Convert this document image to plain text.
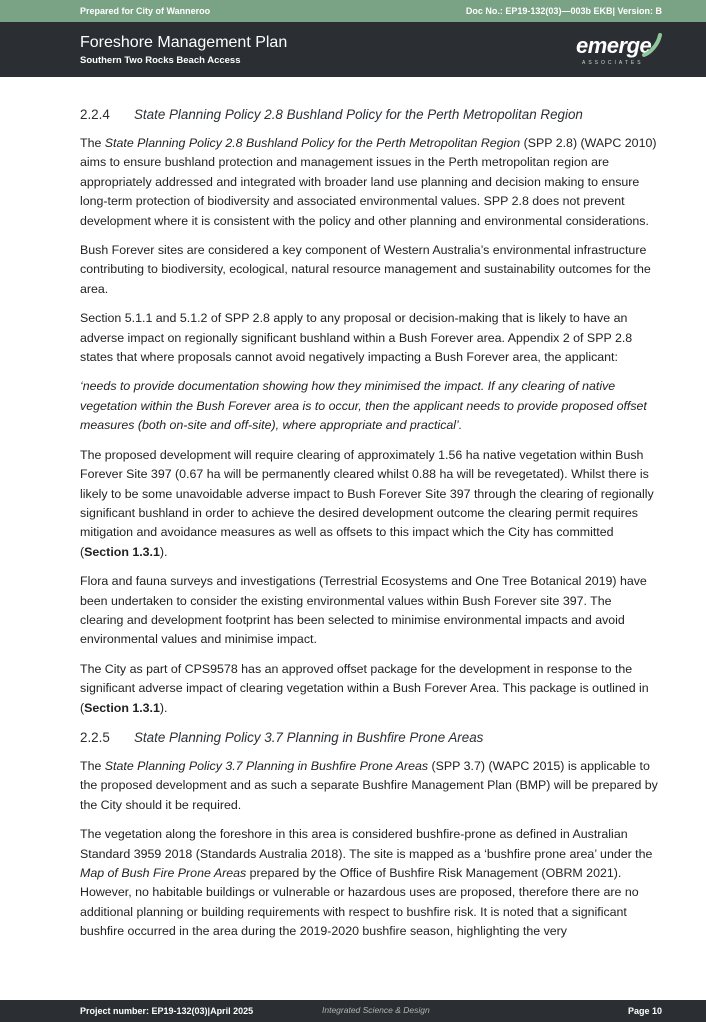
Prepared for City of Wanneroo	Doc No.: EP19-132(03)—003b EKB| Version: B
Foreshore Management Plan
Southern Two Rocks Beach Access
emerge
ASSOCIATES
2.2.4 State Planning Policy 2.8 Bushland Policy for the Perth Metropolitan Region

The State Planning Policy 2.8 Bushland Policy for the Perth Metropolitan Region (SPP 2.8) (WAPC 2010) aims to ensure bushland protection and management issues in the Perth metropolitan region are appropriately addressed and integrated with broader land use planning and decision making to ensure long-term protection of biodiversity and associated environmental values. SPP 2.8 does not prevent development where it is consistent with the policy and other planning and environmental considerations.

Bush Forever sites are considered a key component of Western Australia’s environmental infrastructure contributing to biodiversity, ecological, natural resource management and sustainability outcomes for the area.

Section 5.1.1 and 5.1.2 of SPP 2.8 apply to any proposal or decision-making that is likely to have an adverse impact on regionally significant bushland within a Bush Forever area. Appendix 2 of SPP 2.8 states that where proposals cannot avoid negatively impacting a Bush Forever area, the applicant:

‘needs to provide documentation showing how they minimised the impact. If any clearing of native vegetation within the Bush Forever area is to occur, then the applicant needs to provide proposed offset measures (both on-site and off-site), where appropriate and practical’.

The proposed development will require clearing of approximately 1.56 ha native vegetation within Bush Forever Site 397 (0.67 ha will be permanently cleared whilst 0.88 ha will be revegetated). Whilst there is likely to be some unavoidable adverse impact to Bush Forever Site 397 through the clearing of regionally significant bushland in order to achieve the desired development outcome the clearing permit requires mitigation and avoidance measures as well as offsets to this impact which the City has committed (Section 1.3.1).

Flora and fauna surveys and investigations (Terrestrial Ecosystems and One Tree Botanical 2019) have been undertaken to consider the existing environmental values within Bush Forever site 397. The clearing and development footprint has been selected to minimise environmental impacts and avoid environmental values and minimise impact.

The City as part of CPS9578 has an approved offset package for the development in response to the significant adverse impact of clearing vegetation within a Bush Forever Area. This package is outlined in (Section 1.3.1).

2.2.5 State Planning Policy 3.7 Planning in Bushfire Prone Areas

The State Planning Policy 3.7 Planning in Bushfire Prone Areas (SPP 3.7) (WAPC 2015) is applicable to the proposed development and as such a separate Bushfire Management Plan (BMP) will be prepared by the City should it be required.

The vegetation along the foreshore in this area is considered bushfire-prone as defined in Australian Standard 3959 2018 (Standards Australia 2018). The site is mapped as a ‘bushfire prone area’ under the Map of Bush Fire Prone Areas prepared by the Office of Bushfire Risk Management (OBRM 2021). However, no habitable buildings or vulnerable or hazardous uses are proposed, therefore there are no additional planning or building requirements with respect to bushfire risk. It is noted that a significant bushfire occurred in the area during the 2019-2020 bushfire season, highlighting the very

Project number: EP19-132(03)|April 2025	Integrated Science & Design	Page 10
